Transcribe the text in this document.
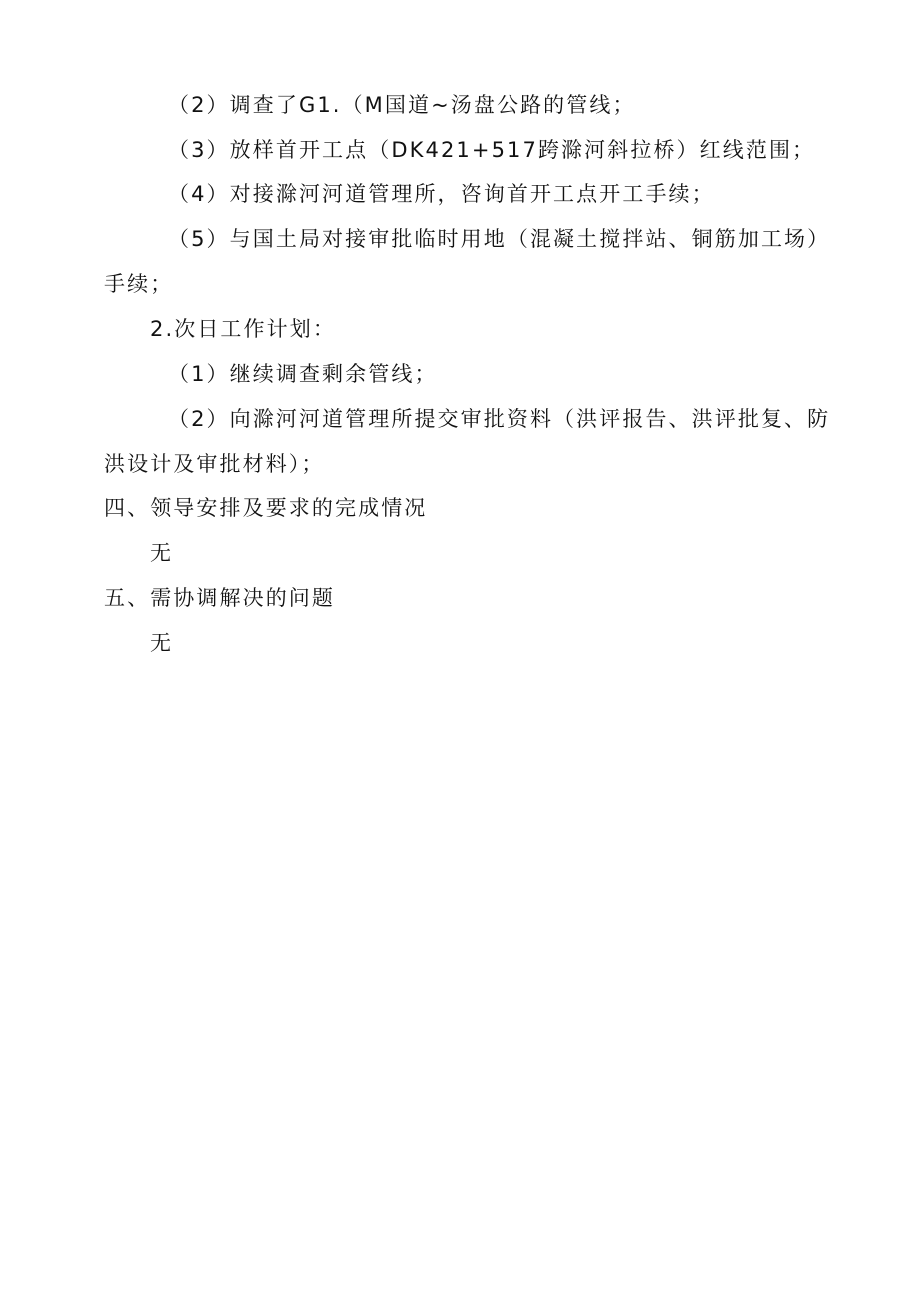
（2）调查了G1.（M国道~汤盘公路的管线；
（3）放样首开工点（DK421+517跨滁河斜拉桥）红线范围；
（4）对接滁河河道管理所，咨询首开工点开工手续；
（5）与国土局对接审批临时用地（混凝土搅拌站、铜筋加工场）
手续；
2.次日工作计划：
（1）继续调查剩余管线；
（2）向滁河河道管理所提交审批资料（洪评报告、洪评批复、防
洪设计及审批材料）；
四、领导安排及要求的完成情况
无
五、需协调解决的问题
无
